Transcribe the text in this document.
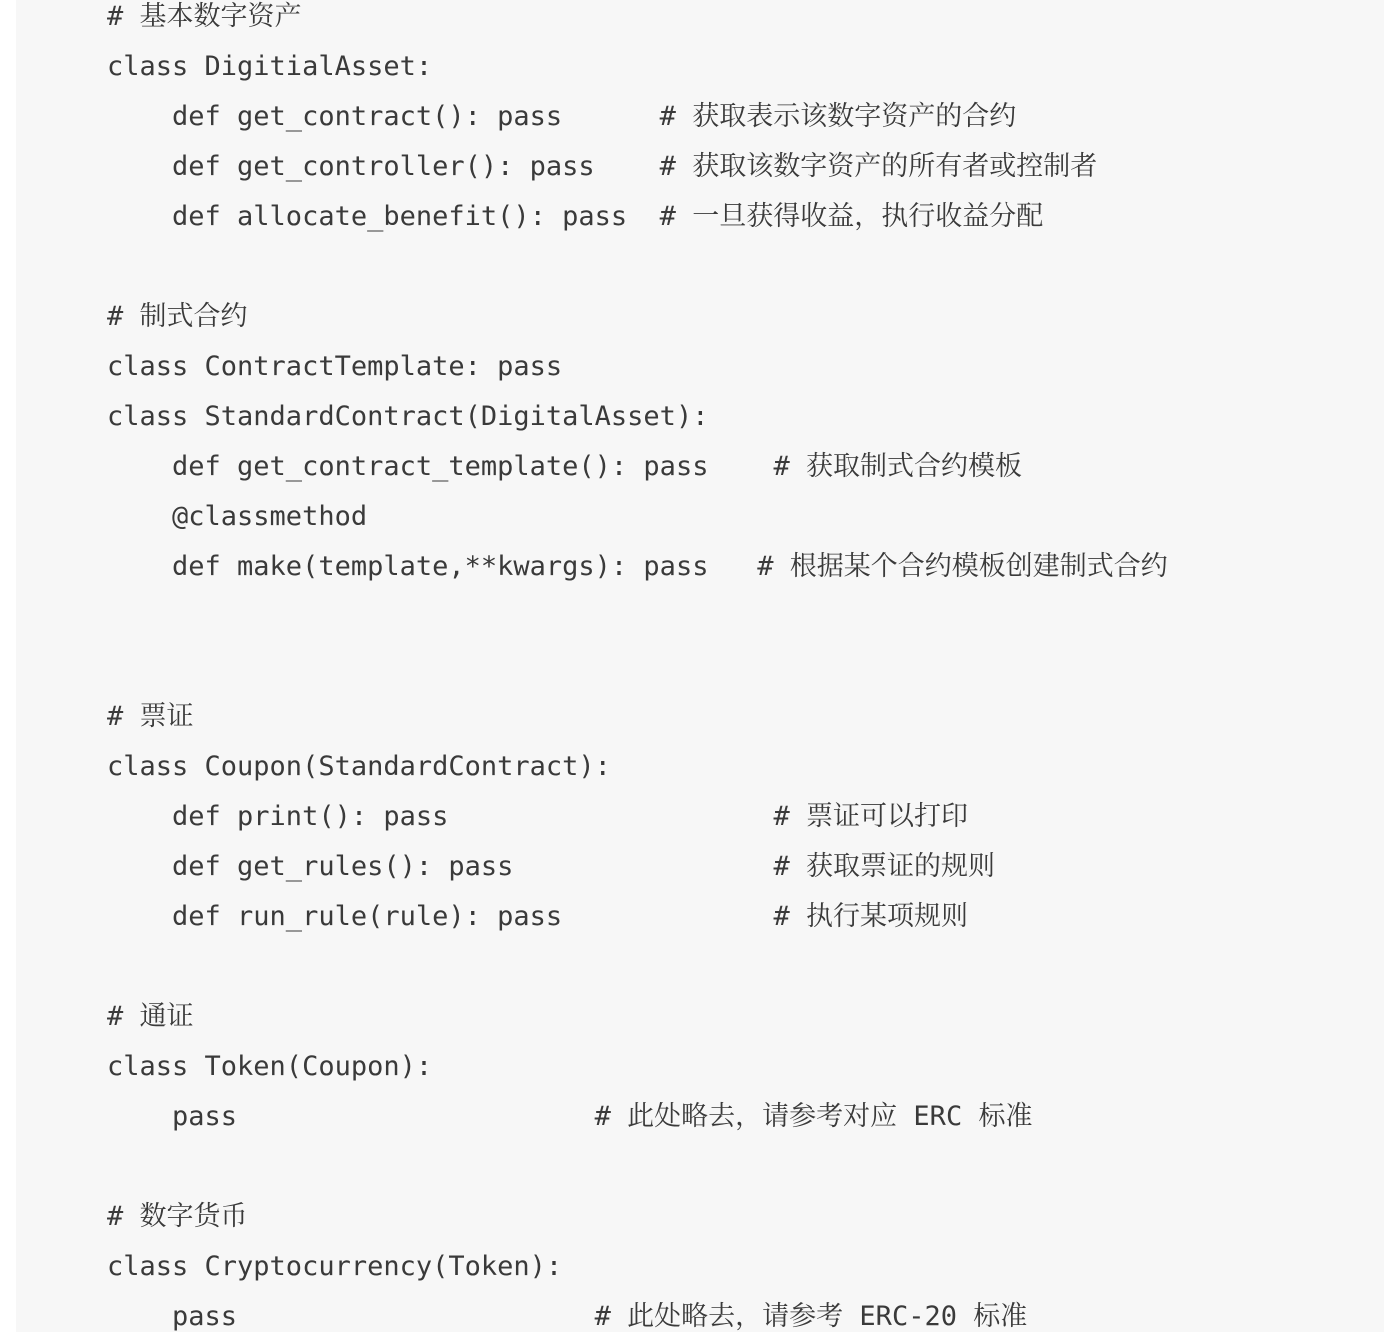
# 基本数字资产
class DigitialAsset:
def get_contract(): pass      # 获取表示该数字资产的合约
def get_controller(): pass    # 获取该数字资产的所有者或控制者
def allocate_benefit(): pass  # 一旦获得收益，执行收益分配
# 制式合约
class ContractTemplate: pass
class StandardContract(DigitalAsset):
def get_contract_template(): pass    # 获取制式合约模板
@classmethod
def make(template,**kwargs): pass   # 根据某个合约模板创建制式合约
# 票证
class Coupon(StandardContract):
def print(): pass                    # 票证可以打印
def get_rules(): pass                # 获取票证的规则
def run_rule(rule): pass             # 执行某项规则
# 通证
class Token(Coupon):
pass                      # 此处略去，请参考对应 ERC 标准
# 数字货币
class Cryptocurrency(Token):
pass                      # 此处略去，请参考 ERC-20 标准
